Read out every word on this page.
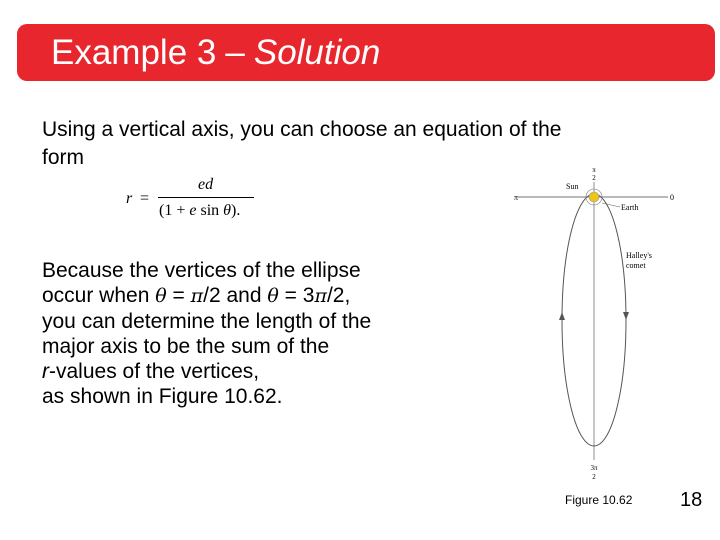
Example 3 – Solution
Using a vertical axis, you can choose an equation of the
form
r =
ed
(1 + e sin θ).
Because the vertices of the ellipse
occur when θ = π/2 and θ = 3π/2,
you can determine the length of the
major axis to be the sum of the
r-values of the vertices,
as shown in Figure 10.62.
π
2
Sun
Earth
π	0
Halley's
comet
3π
2
Figure 10.62 18
